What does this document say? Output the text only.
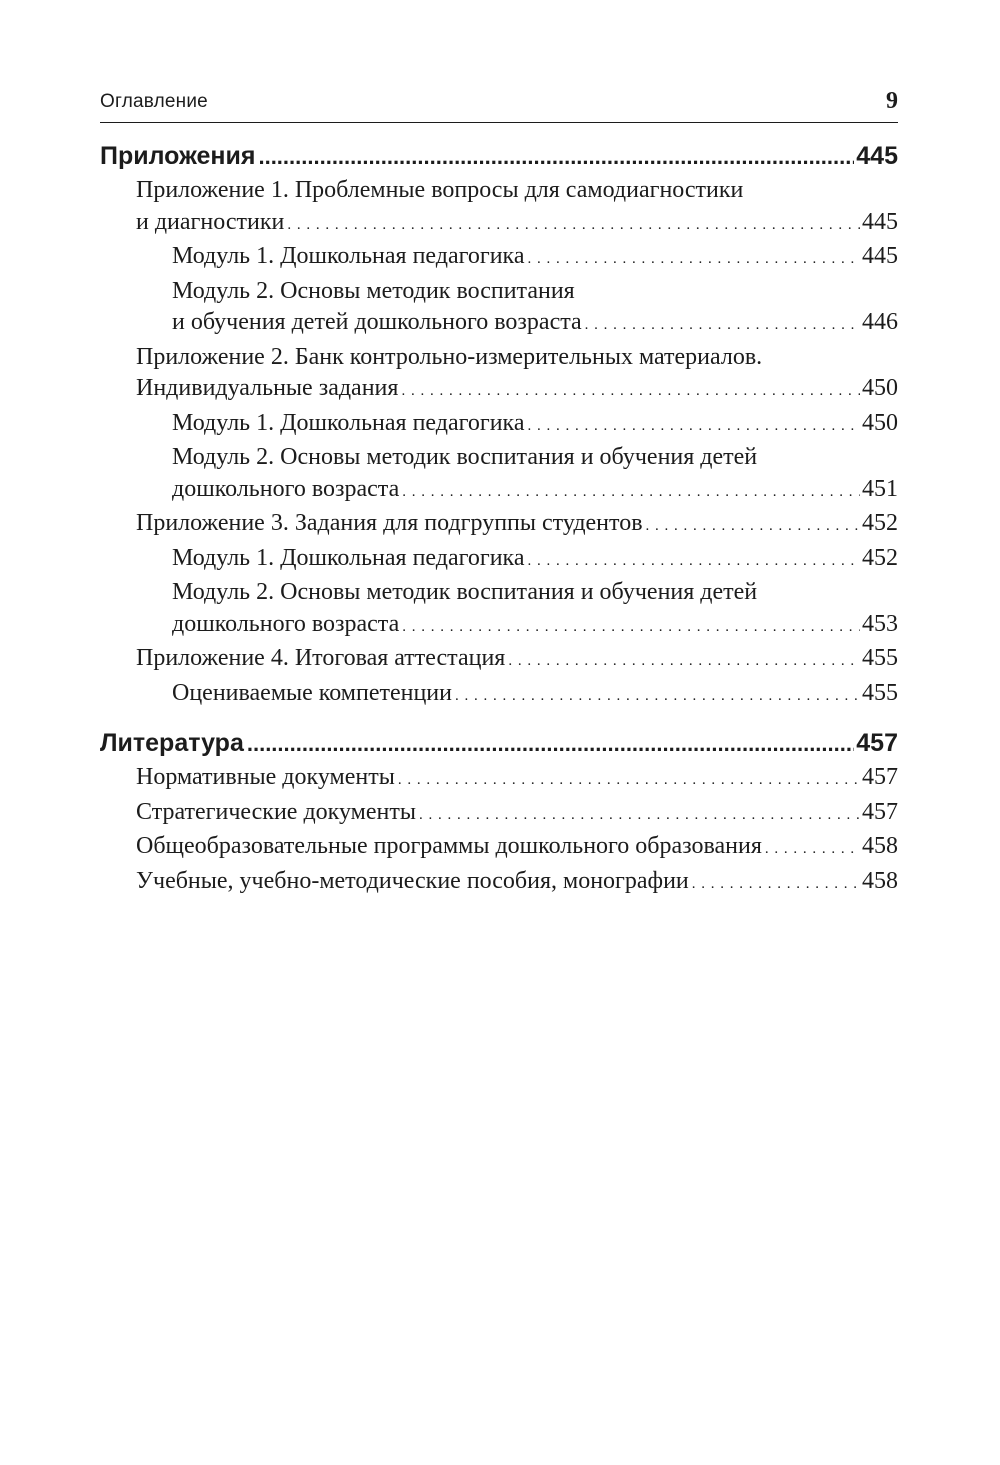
Оглавление	9
Приложения .....	445
Приложение 1. Проблемные вопросы для самодиагностики
и диагностики . . .	445
Модуль 1. Дошкольная педагогика . . .	445
Модуль 2. Основы методик воспитания
и обучения детей дошкольного возраста . . .	446
Приложение 2. Банк контрольно-измерительных материалов.
Индивидуальные задания . . .	450
Модуль 1. Дошкольная педагогика . . .	450
Модуль 2. Основы методик воспитания и обучения детей
дошкольного возраста . . .	451
Приложение 3. Задания для подгруппы студентов . . .	452
Модуль 1. Дошкольная педагогика . . .	452
Модуль 2. Основы методик воспитания и обучения детей
дошкольного возраста . . .	453
Приложение 4. Итоговая аттестация . . .	455
Оцениваемые компетенции . . .	455
Литература .....	457
Нормативные документы . . .	457
Стратегические документы . . .	457
Общеобразовательные программы дошкольного образования . . .	458
Учебные, учебно-методические пособия, монографии . . .	458
